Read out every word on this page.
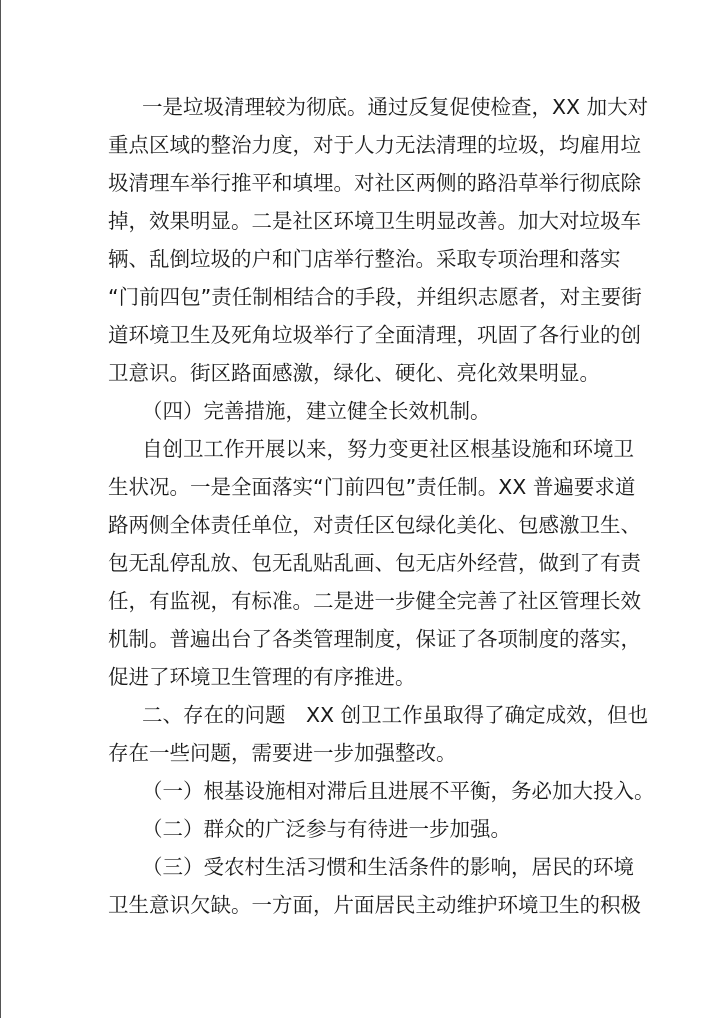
一是垃圾清理较为彻底。通过反复促使检查，XX 加大对
重点区域的整治力度，对于人力无法清理的垃圾，均雇用垃
圾清理车举行推平和填埋。对社区两侧的路沿草举行彻底除
掉，效果明显。二是社区环境卫生明显改善。加大对垃圾车
辆、乱倒垃圾的户和门店举行整治。采取专项治理和落实
“门前四包”责任制相结合的手段，并组织志愿者，对主要街
道环境卫生及死角垃圾举行了全面清理，巩固了各行业的创
卫意识。街区路面感激，绿化、硬化、亮化效果明显。
（四）完善措施，建立健全长效机制。
自创卫工作开展以来，努力变更社区根基设施和环境卫
生状况。一是全面落实“门前四包”责任制。XX 普遍要求道
路两侧全体责任单位，对责任区包绿化美化、包感激卫生、
包无乱停乱放、包无乱贴乱画、包无店外经营，做到了有责
任，有监视，有标准。二是进一步健全完善了社区管理长效
机制。普遍出台了各类管理制度，保证了各项制度的落实，
促进了环境卫生管理的有序推进。
二、存在的问题　XX 创卫工作虽取得了确定成效，但也
存在一些问题，需要进一步加强整改。
（一）根基设施相对滞后且进展不平衡，务必加大投入。
（二）群众的广泛参与有待进一步加强。
（三）受农村生活习惯和生活条件的影响，居民的环境
卫生意识欠缺。一方面，片面居民主动维护环境卫生的积极
